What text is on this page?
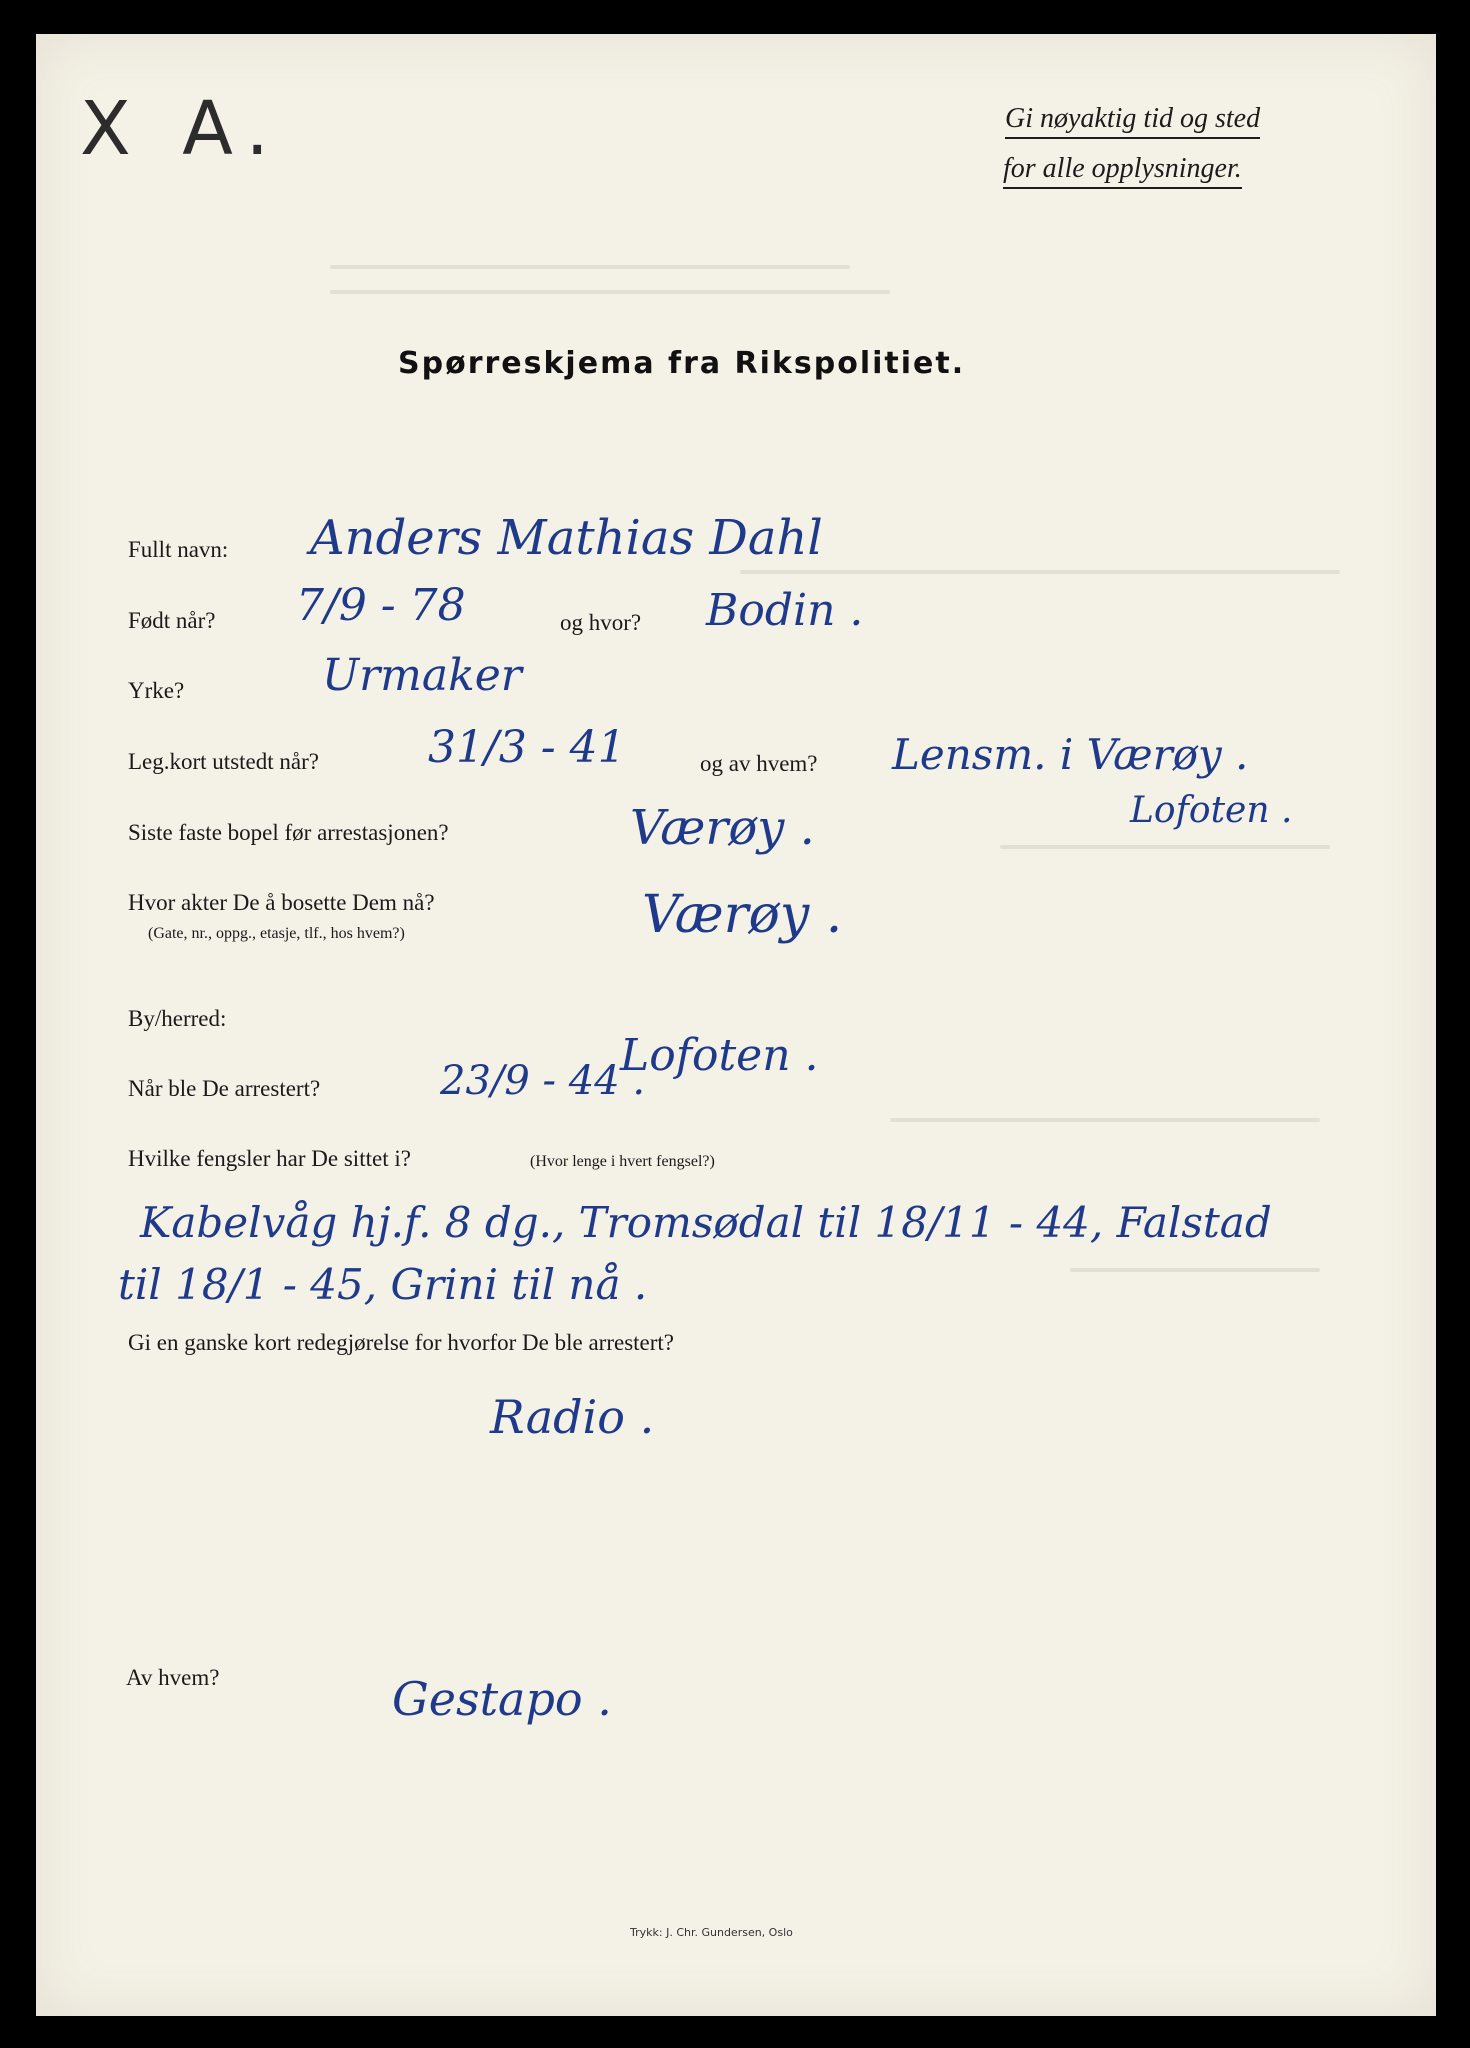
X A.	Gi nøyaktig tid og sted
for alle opplysninger.
Spørreskjema fra Rikspolitiet.
Fullt navn: Anders Mathias Dahl
Født når? 7/9 - 78	og hvor? Bodin .
Yrke?	Urmaker
Leg.kort utstedt når? 31/3 - 41	og av hvem? Lensm. i Værøy .
Lofoten .
Siste faste bopel før arrestasjonen?	Værøy .
Hvor akter De å bosette Dem nå?
(Gate, nr., oppg., etasje, tlf., hos hvem?)	Værøy .
By/herred:
Lofoten .
Når ble De arrestert?	23/9 - 44 .
Hvilke fengsler har De sittet i?	(Hvor lenge i hvert fengsel?)
Kabelvåg hj.f. 8 dg., Tromsødal til 18/11 - 44, Falstad
til 18/1 - 45, Grini til nå .
Gi en ganske kort redegjørelse for hvorfor De ble arrestert?
Radio .
Av hvem?	Gestapo .
Trykk: J. Chr. Gundersen, Oslo
